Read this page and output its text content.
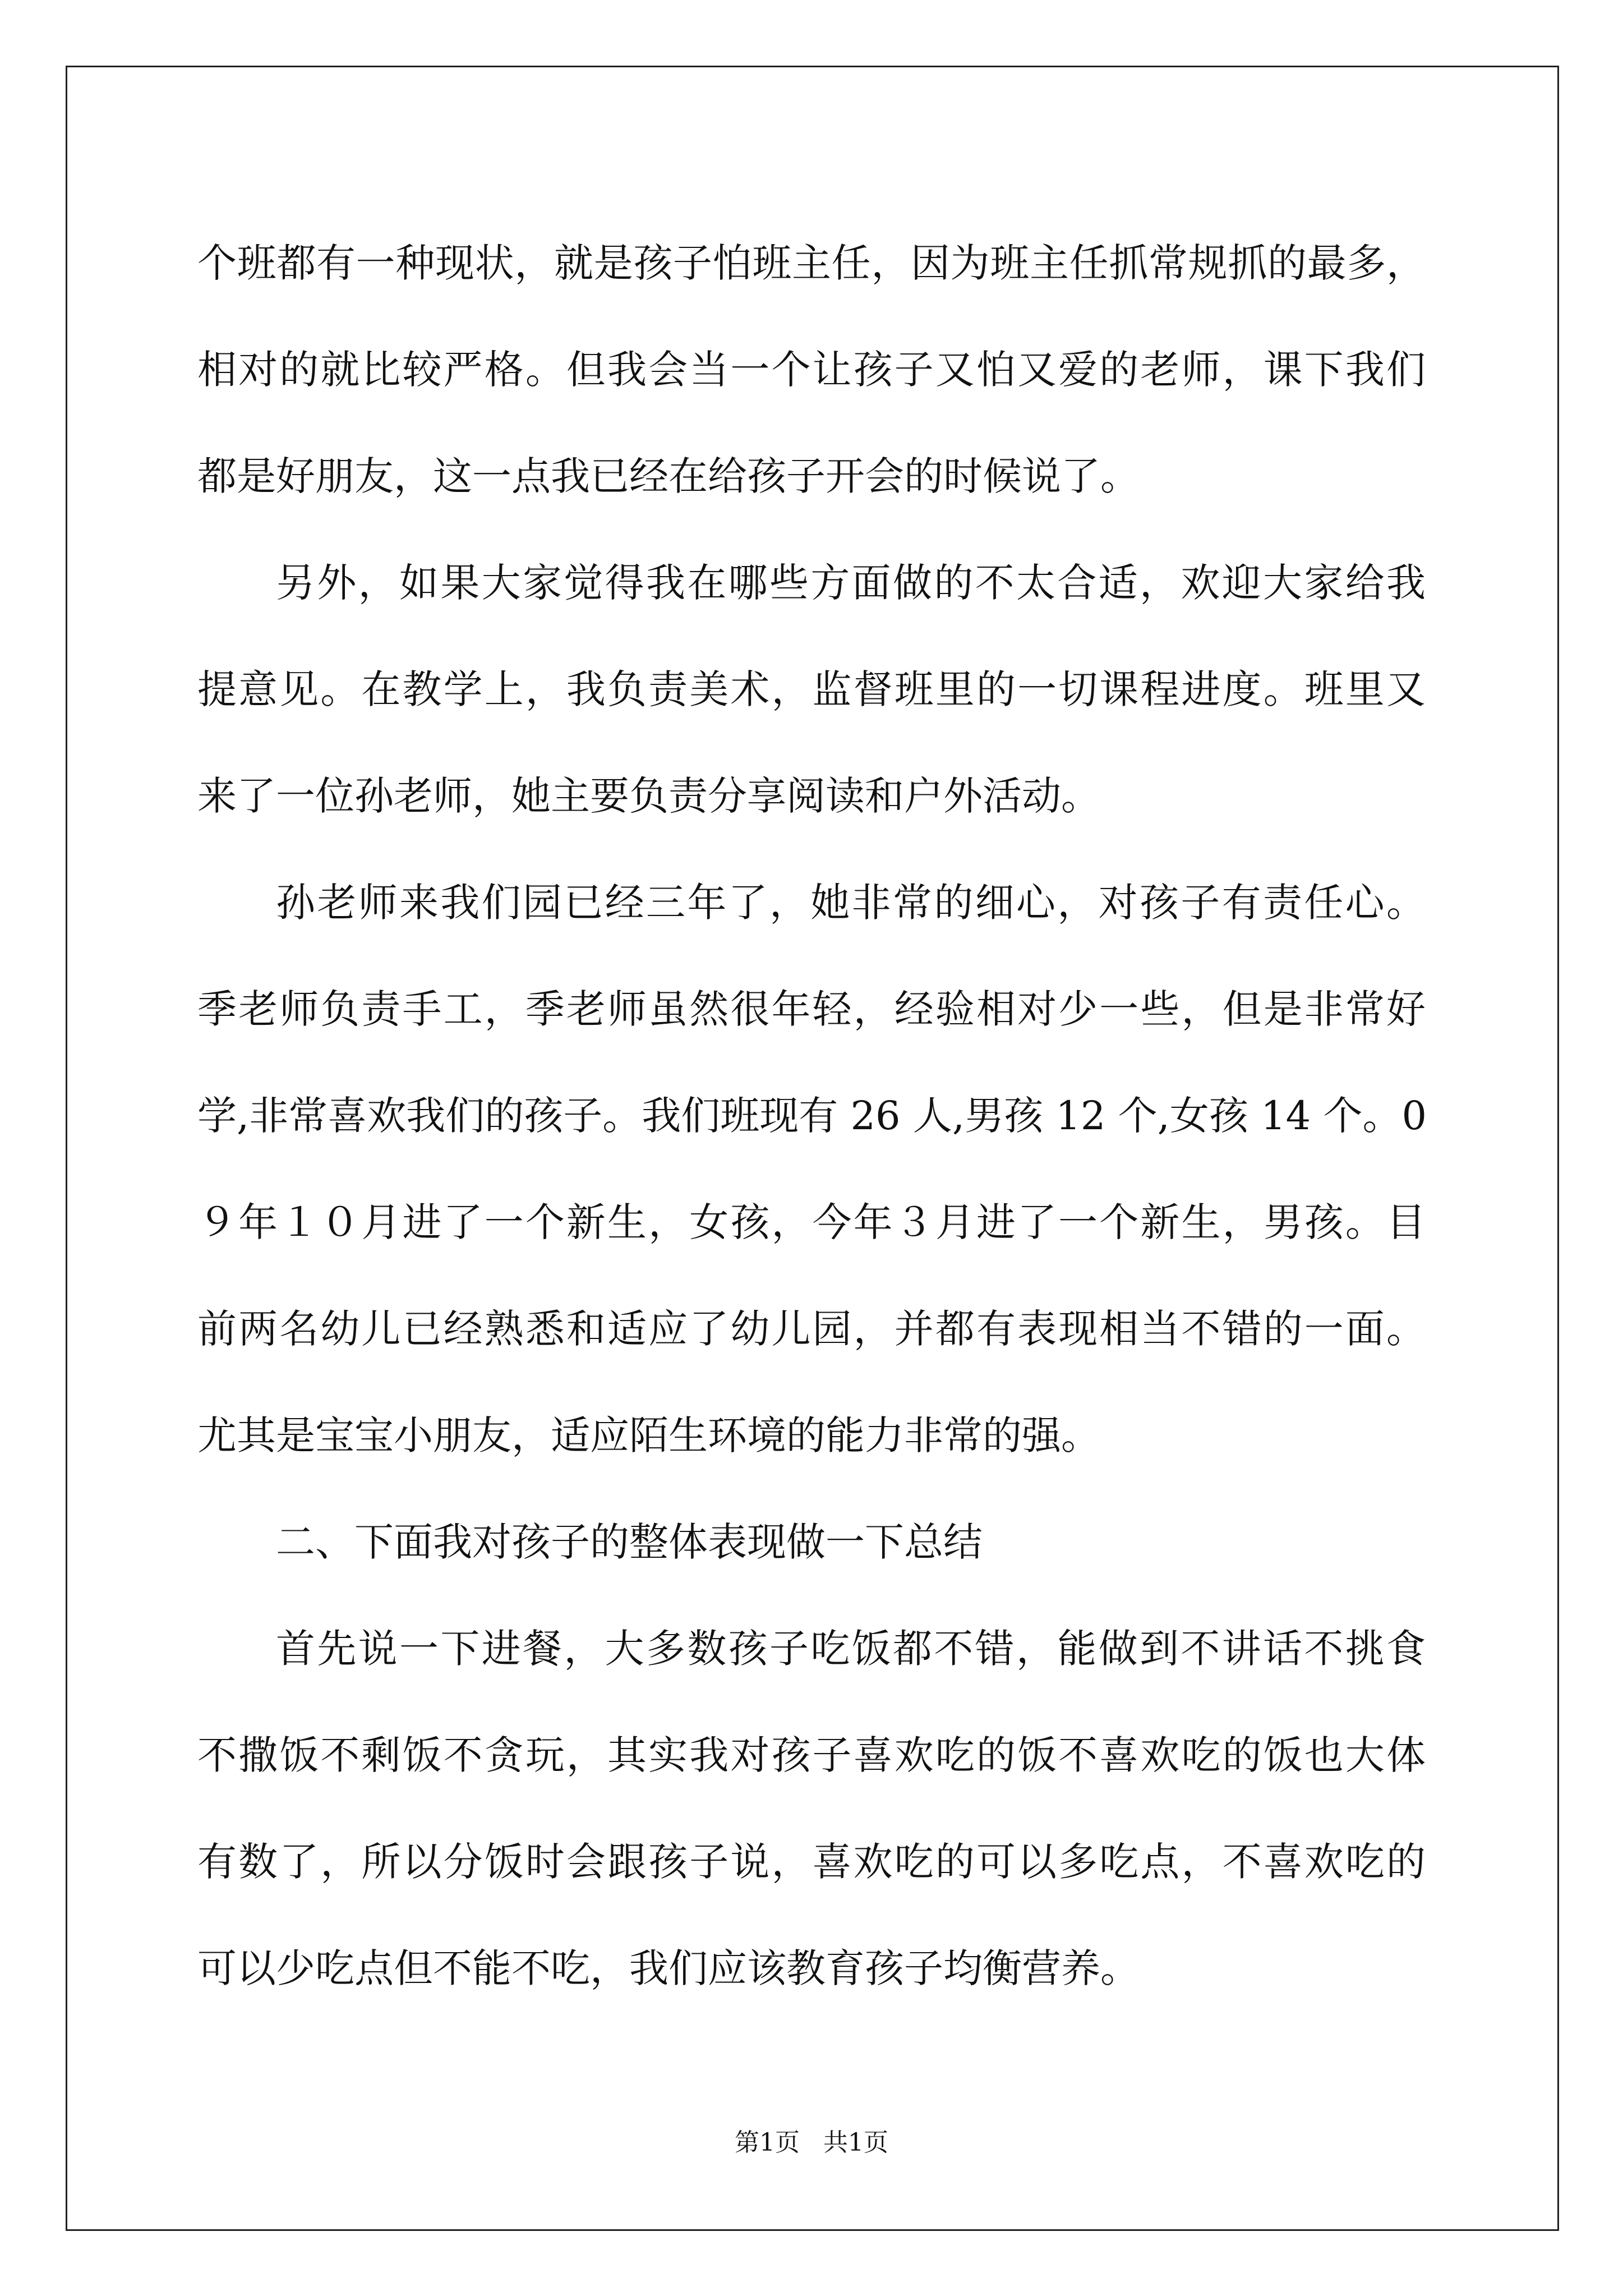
个班都有一种现状，就是孩子怕班主任，因为班主任抓常规抓的最多，
相对的就比较严格。但我会当一个让孩子又怕又爱的老师，课下我们
都是好朋友，这一点我已经在给孩子开会的时候说了。
另外，如果大家觉得我在哪些方面做的不太合适，欢迎大家给我
提意见。在教学上，我负责美术，监督班里的一切课程进度。班里又
来了一位孙老师，她主要负责分享阅读和户外活动。
孙老师来我们园已经三年了，她非常的细心，对孩子有责任心。
季老师负责手工，季老师虽然很年轻，经验相对少一些，但是非常好
学,非常喜欢我们的孩子。我们班现有 26 人,男孩 12 个,女孩 14 个。0
９年１０月进了一个新生，女孩，今年３月进了一个新生，男孩。目
前两名幼儿已经熟悉和适应了幼儿园，并都有表现相当不错的一面。
尤其是宝宝小朋友，适应陌生环境的能力非常的强。
二、下面我对孩子的整体表现做一下总结
首先说一下进餐，大多数孩子吃饭都不错，能做到不讲话不挑食
不撒饭不剩饭不贪玩，其实我对孩子喜欢吃的饭不喜欢吃的饭也大体
有数了，所以分饭时会跟孩子说，喜欢吃的可以多吃点，不喜欢吃的
可以少吃点但不能不吃，我们应该教育孩子均衡营养。
第1页   共1页
